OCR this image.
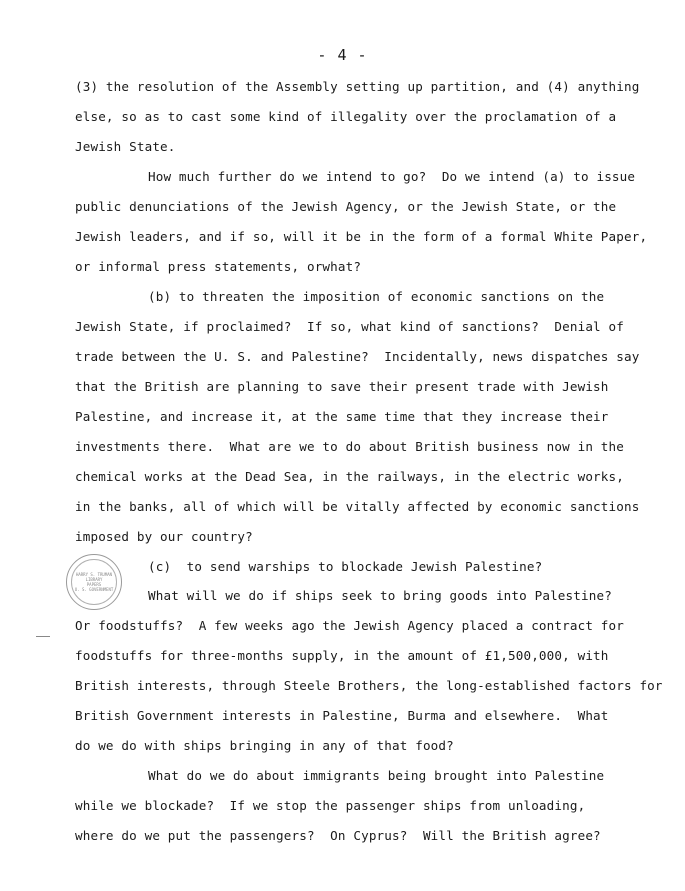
- 4 -
(3) the resolution of the Assembly setting up partition, and (4) anything
else, so as to cast some kind of illegality over the proclamation of a
Jewish State.
How much further do we intend to go?  Do we intend (a) to issue
public denunciations of the Jewish Agency, or the Jewish State, or the
Jewish leaders, and if so, will it be in the form of a formal White Paper,
or informal press statements, orwhat?
(b) to threaten the imposition of economic sanctions on the
Jewish State, if proclaimed?  If so, what kind of sanctions?  Denial of
trade between the U. S. and Palestine?  Incidentally, news dispatches say
that the British are planning to save their present trade with Jewish
Palestine, and increase it, at the same time that they increase their
investments there.  What are we to do about British business now in the
chemical works at the Dead Sea, in the railways, in the electric works,
in the banks, all of which will be vitally affected by economic sanctions
imposed by our country?
(c)  to send warships to blockade Jewish Palestine?
What will we do if ships seek to bring goods into Palestine?
Or foodstuffs?  A few weeks ago the Jewish Agency placed a contract for
foodstuffs for three-months supply, in the amount of £1,500,000, with
British interests, through Steele Brothers, the long-established factors for
British Government interests in Palestine, Burma and elsewhere.  What
do we do with ships bringing in any of that food?
What do we do about immigrants being brought into Palestine
while we blockade?  If we stop the passenger ships from unloading,
where do we put the passengers?  On Cyprus?  Will the British agree?
HARRY S. TRUMAN LIBRARY
PAPERS
U. S. GOVERNMENT
